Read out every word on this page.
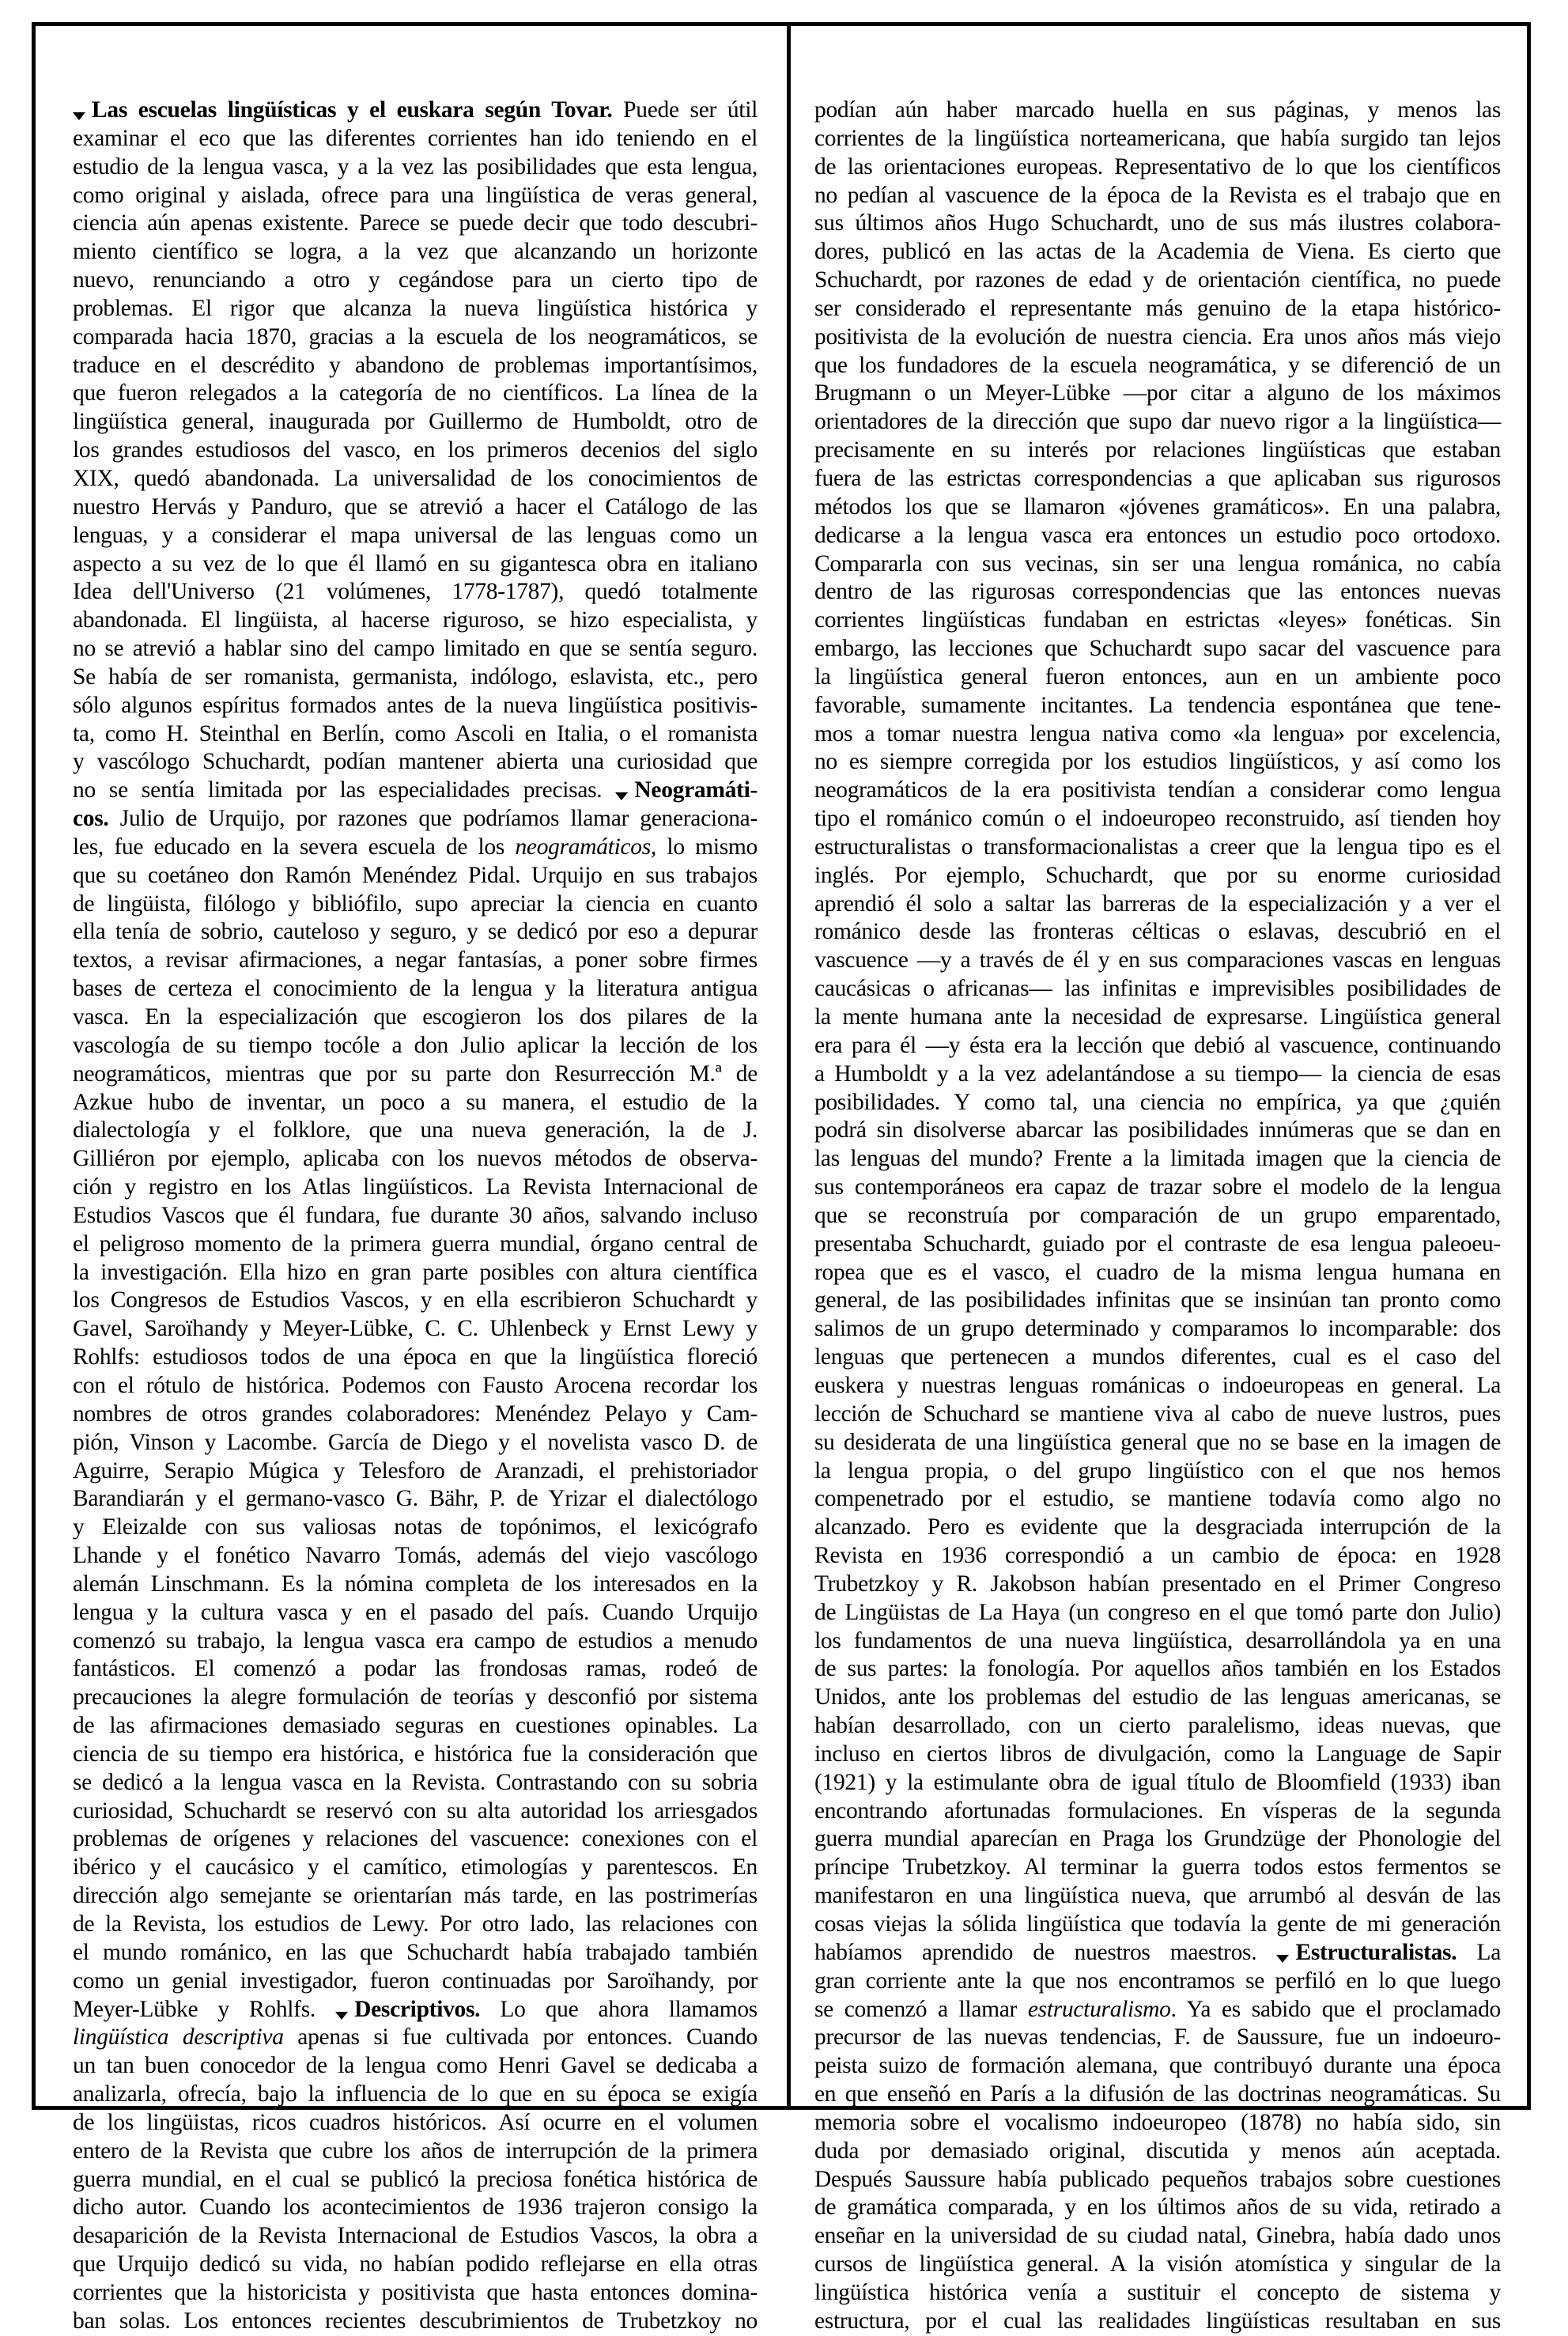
Las escuelas lingüísticas y el euskara según Tovar. Puede ser útil
examinar el eco que las diferentes corrientes han ido teniendo en el
estudio de la lengua vasca, y a la vez las posibilidades que esta lengua,
como original y aislada, ofrece para una lingüística de veras general,
ciencia aún apenas existente. Parece se puede decir que todo descubri-
miento científico se logra, a la vez que alcanzando un horizonte
nuevo, renunciando a otro y cegándose para un cierto tipo de
problemas. El rigor que alcanza la nueva lingüística histórica y
comparada hacia 1870, gracias a la escuela de los neogramáticos, se
traduce en el descrédito y abandono de problemas importantísimos,
que fueron relegados a la categoría de no científicos. La línea de la
lingüística general, inaugurada por Guillermo de Humboldt, otro de
los grandes estudiosos del vasco, en los primeros decenios del siglo
XIX, quedó abandonada. La universalidad de los conocimientos de
nuestro Hervás y Panduro, que se atrevió a hacer el Catálogo de las
lenguas, y a considerar el mapa universal de las lenguas como un
aspecto a su vez de lo que él llamó en su gigantesca obra en italiano
Idea dell'Universo (21 volúmenes, 1778-1787), quedó totalmente
abandonada. El lingüista, al hacerse riguroso, se hizo especialista, y
no se atrevió a hablar sino del campo limitado en que se sentía seguro.
Se había de ser romanista, germanista, indólogo, eslavista, etc., pero
sólo algunos espíritus formados antes de la nueva lingüística positivis-
ta, como H. Steinthal en Berlín, como Ascoli en Italia, o el romanista
y vascólogo Schuchardt, podían mantener abierta una curiosidad que
no se sentía limitada por las especialidades precisas. Neogramáti-
cos. Julio de Urquijo, por razones que podríamos llamar generaciona-
les, fue educado en la severa escuela de los neogramáticos, lo mismo
que su coetáneo don Ramón Menéndez Pidal. Urquijo en sus trabajos
de lingüista, filólogo y bibliófilo, supo apreciar la ciencia en cuanto
ella tenía de sobrio, cauteloso y seguro, y se dedicó por eso a depurar
textos, a revisar afirmaciones, a negar fantasías, a poner sobre firmes
bases de certeza el conocimiento de la lengua y la literatura antigua
vasca. En la especialización que escogieron los dos pilares de la
vascología de su tiempo tocóle a don Julio aplicar la lección de los
neogramáticos, mientras que por su parte don Resurrección M.ª de
Azkue hubo de inventar, un poco a su manera, el estudio de la
dialectología y el folklore, que una nueva generación, la de J.
Gilliéron por ejemplo, aplicaba con los nuevos métodos de observa-
ción y registro en los Atlas lingüísticos. La Revista Internacional de
Estudios Vascos que él fundara, fue durante 30 años, salvando incluso
el peligroso momento de la primera guerra mundial, órgano central de
la investigación. Ella hizo en gran parte posibles con altura científica
los Congresos de Estudios Vascos, y en ella escribieron Schuchardt y
Gavel, Saroïhandy y Meyer-Lübke, C. C. Uhlenbeck y Ernst Lewy y
Rohlfs: estudiosos todos de una época en que la lingüística floreció
con el rótulo de histórica. Podemos con Fausto Arocena recordar los
nombres de otros grandes colaboradores: Menéndez Pelayo y Cam-
pión, Vinson y Lacombe. García de Diego y el novelista vasco D. de
Aguirre, Serapio Múgica y Telesforo de Aranzadi, el prehistoriador
Barandiarán y el germano-vasco G. Bähr, P. de Yrizar el dialectólogo
y Eleizalde con sus valiosas notas de topónimos, el lexicógrafo
Lhande y el fonético Navarro Tomás, además del viejo vascólogo
alemán Linschmann. Es la nómina completa de los interesados en la
lengua y la cultura vasca y en el pasado del país. Cuando Urquijo
comenzó su trabajo, la lengua vasca era campo de estudios a menudo
fantásticos. El comenzó a podar las frondosas ramas, rodeó de
precauciones la alegre formulación de teorías y desconfió por sistema
de las afirmaciones demasiado seguras en cuestiones opinables. La
ciencia de su tiempo era histórica, e histórica fue la consideración que
se dedicó a la lengua vasca en la Revista. Contrastando con su sobria
curiosidad, Schuchardt se reservó con su alta autoridad los arriesgados
problemas de orígenes y relaciones del vascuence: conexiones con el
ibérico y el caucásico y el camítico, etimologías y parentescos. En
dirección algo semejante se orientarían más tarde, en las postrimerías
de la Revista, los estudios de Lewy. Por otro lado, las relaciones con
el mundo románico, en las que Schuchardt había trabajado también
como un genial investigador, fueron continuadas por Saroïhandy, por
Meyer-Lübke y Rohlfs. Descriptivos. Lo que ahora llamamos
lingüística descriptiva apenas si fue cultivada por entonces. Cuando
un tan buen conocedor de la lengua como Henri Gavel se dedicaba a
analizarla, ofrecía, bajo la influencia de lo que en su época se exigía
de los lingüistas, ricos cuadros históricos. Así ocurre en el volumen
entero de la Revista que cubre los años de interrupción de la primera
guerra mundial, en el cual se publicó la preciosa fonética histórica de
dicho autor. Cuando los acontecimientos de 1936 trajeron consigo la
desaparición de la Revista Internacional de Estudios Vascos, la obra a
que Urquijo dedicó su vida, no habían podido reflejarse en ella otras
corrientes que la historicista y positivista que hasta entonces domina-
ban solas. Los entonces recientes descubrimientos de Trubetzkoy no
podían aún haber marcado huella en sus páginas, y menos las
corrientes de la lingüística norteamericana, que había surgido tan lejos
de las orientaciones europeas. Representativo de lo que los científicos
no pedían al vascuence de la época de la Revista es el trabajo que en
sus últimos años Hugo Schuchardt, uno de sus más ilustres colabora-
dores, publicó en las actas de la Academia de Viena. Es cierto que
Schuchardt, por razones de edad y de orientación científica, no puede
ser considerado el representante más genuino de la etapa histórico-
positivista de la evolución de nuestra ciencia. Era unos años más viejo
que los fundadores de la escuela neogramática, y se diferenció de un
Brugmann o un Meyer-Lübke —por citar a alguno de los máximos
orientadores de la dirección que supo dar nuevo rigor a la lingüística—
precisamente en su interés por relaciones lingüísticas que estaban
fuera de las estrictas correspondencias a que aplicaban sus rigurosos
métodos los que se llamaron «jóvenes gramáticos». En una palabra,
dedicarse a la lengua vasca era entonces un estudio poco ortodoxo.
Compararla con sus vecinas, sin ser una lengua románica, no cabía
dentro de las rigurosas correspondencias que las entonces nuevas
corrientes lingüísticas fundaban en estrictas «leyes» fonéticas. Sin
embargo, las lecciones que Schuchardt supo sacar del vascuence para
la lingüística general fueron entonces, aun en un ambiente poco
favorable, sumamente incitantes. La tendencia espontánea que tene-
mos a tomar nuestra lengua nativa como «la lengua» por excelencia,
no es siempre corregida por los estudios lingüísticos, y así como los
neogramáticos de la era positivista tendían a considerar como lengua
tipo el románico común o el indoeuropeo reconstruido, así tienden hoy
estructuralistas o transformacionalistas a creer que la lengua tipo es el
inglés. Por ejemplo, Schuchardt, que por su enorme curiosidad
aprendió él solo a saltar las barreras de la especialización y a ver el
románico desde las fronteras célticas o eslavas, descubrió en el
vascuence —y a través de él y en sus comparaciones vascas en lenguas
caucásicas o africanas— las infinitas e imprevisibles posibilidades de
la mente humana ante la necesidad de expresarse. Lingüística general
era para él —y ésta era la lección que debió al vascuence, continuando
a Humboldt y a la vez adelantándose a su tiempo— la ciencia de esas
posibilidades. Y como tal, una ciencia no empírica, ya que ¿quién
podrá sin disolverse abarcar las posibilidades innúmeras que se dan en
las lenguas del mundo? Frente a la limitada imagen que la ciencia de
sus contemporáneos era capaz de trazar sobre el modelo de la lengua
que se reconstruía por comparación de un grupo emparentado,
presentaba Schuchardt, guiado por el contraste de esa lengua paleoeu-
ropea que es el vasco, el cuadro de la misma lengua humana en
general, de las posibilidades infinitas que se insinúan tan pronto como
salimos de un grupo determinado y comparamos lo incomparable: dos
lenguas que pertenecen a mundos diferentes, cual es el caso del
euskera y nuestras lenguas románicas o indoeuropeas en general. La
lección de Schuchard se mantiene viva al cabo de nueve lustros, pues
su desiderata de una lingüística general que no se base en la imagen de
la lengua propia, o del grupo lingüístico con el que nos hemos
compenetrado por el estudio, se mantiene todavía como algo no
alcanzado. Pero es evidente que la desgraciada interrupción de la
Revista en 1936 correspondió a un cambio de época: en 1928
Trubetzkoy y R. Jakobson habían presentado en el Primer Congreso
de Lingüistas de La Haya (un congreso en el que tomó parte don Julio)
los fundamentos de una nueva lingüística, desarrollándola ya en una
de sus partes: la fonología. Por aquellos años también en los Estados
Unidos, ante los problemas del estudio de las lenguas americanas, se
habían desarrollado, con un cierto paralelismo, ideas nuevas, que
incluso en ciertos libros de divulgación, como la Language de Sapir
(1921) y la estimulante obra de igual título de Bloomfield (1933) iban
encontrando afortunadas formulaciones. En vísperas de la segunda
guerra mundial aparecían en Praga los Grundzüge der Phonologie del
príncipe Trubetzkoy. Al terminar la guerra todos estos fermentos se
manifestaron en una lingüística nueva, que arrumbó al desván de las
cosas viejas la sólida lingüística que todavía la gente de mi generación
habíamos aprendido de nuestros maestros. Estructuralistas. La
gran corriente ante la que nos encontramos se perfiló en lo que luego
se comenzó a llamar estructuralismo. Ya es sabido que el proclamado
precursor de las nuevas tendencias, F. de Saussure, fue un indoeuro-
peista suizo de formación alemana, que contribuyó durante una época
en que enseñó en París a la difusión de las doctrinas neogramáticas. Su
memoria sobre el vocalismo indoeuropeo (1878) no había sido, sin
duda por demasiado original, discutida y menos aún aceptada.
Después Saussure había publicado pequeños trabajos sobre cuestiones
de gramática comparada, y en los últimos años de su vida, retirado a
enseñar en la universidad de su ciudad natal, Ginebra, había dado unos
cursos de lingüística general. A la visión atomística y singular de la
lingüística histórica venía a sustituir el concepto de sistema y
estructura, por el cual las realidades lingüísticas resultaban en sus
